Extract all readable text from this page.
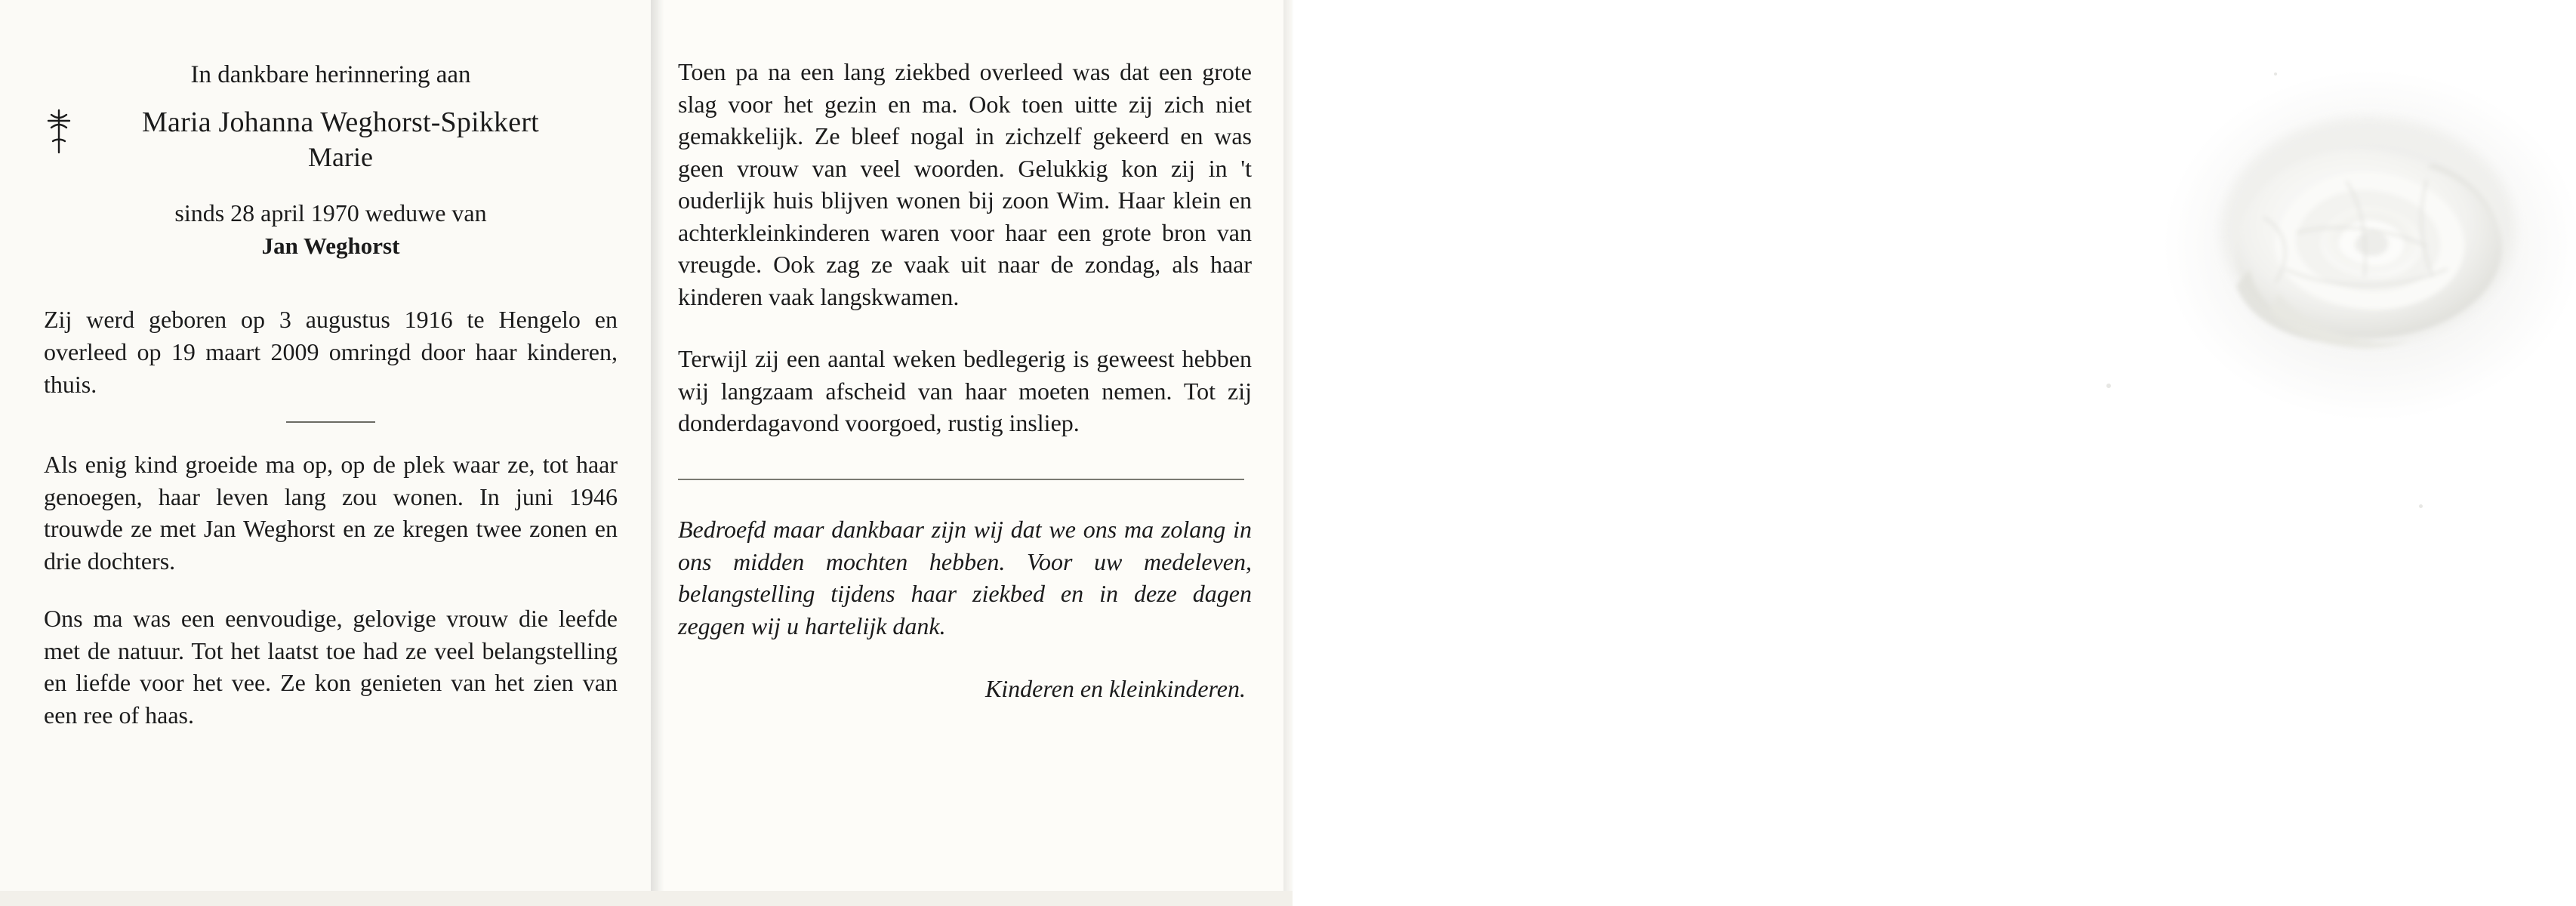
In dankbare herinnering aan
Maria Johanna Weghorst-Spikkert
Marie
sinds 28 april 1970 weduwe van
Jan Weghorst
Zij werd geboren op 3 augustus 1916 te Hengelo en overleed op 19 maart 2009 omringd door haar kinderen, thuis.
Als enig kind groeide ma op, op de plek waar ze, tot haar genoegen, haar leven lang zou wonen. In juni 1946 trouwde ze met Jan Weghorst en ze kregen twee zonen en drie dochters.
Ons ma was een eenvoudige, gelovige vrouw die leefde met de natuur. Tot het laatst toe had ze veel belangstelling en liefde voor het vee. Ze kon genieten van het zien van een ree of haas.
Toen pa na een lang ziekbed overleed was dat een grote slag voor het gezin en ma. Ook toen uitte zij zich niet gemakkelijk. Ze bleef nogal in zichzelf gekeerd en was geen vrouw van veel woorden. Gelukkig kon zij in 't ouderlijk huis blijven wonen bij zoon Wim. Haar klein en achterkleinkinderen waren voor haar een grote bron van vreugde. Ook zag ze vaak uit naar de zondag, als haar kinderen vaak langskwamen.
Terwijl zij een aantal weken bedlegerig is geweest hebben wij langzaam afscheid van haar moeten nemen. Tot zij donderdagavond voorgoed, rustig insliep.
Bedroefd maar dankbaar zijn wij dat we ons ma zolang in ons midden mochten hebben. Voor uw medeleven, belangstelling tijdens haar ziekbed en in deze dagen zeggen wij u hartelijk dank.
Kinderen en kleinkinderen.
